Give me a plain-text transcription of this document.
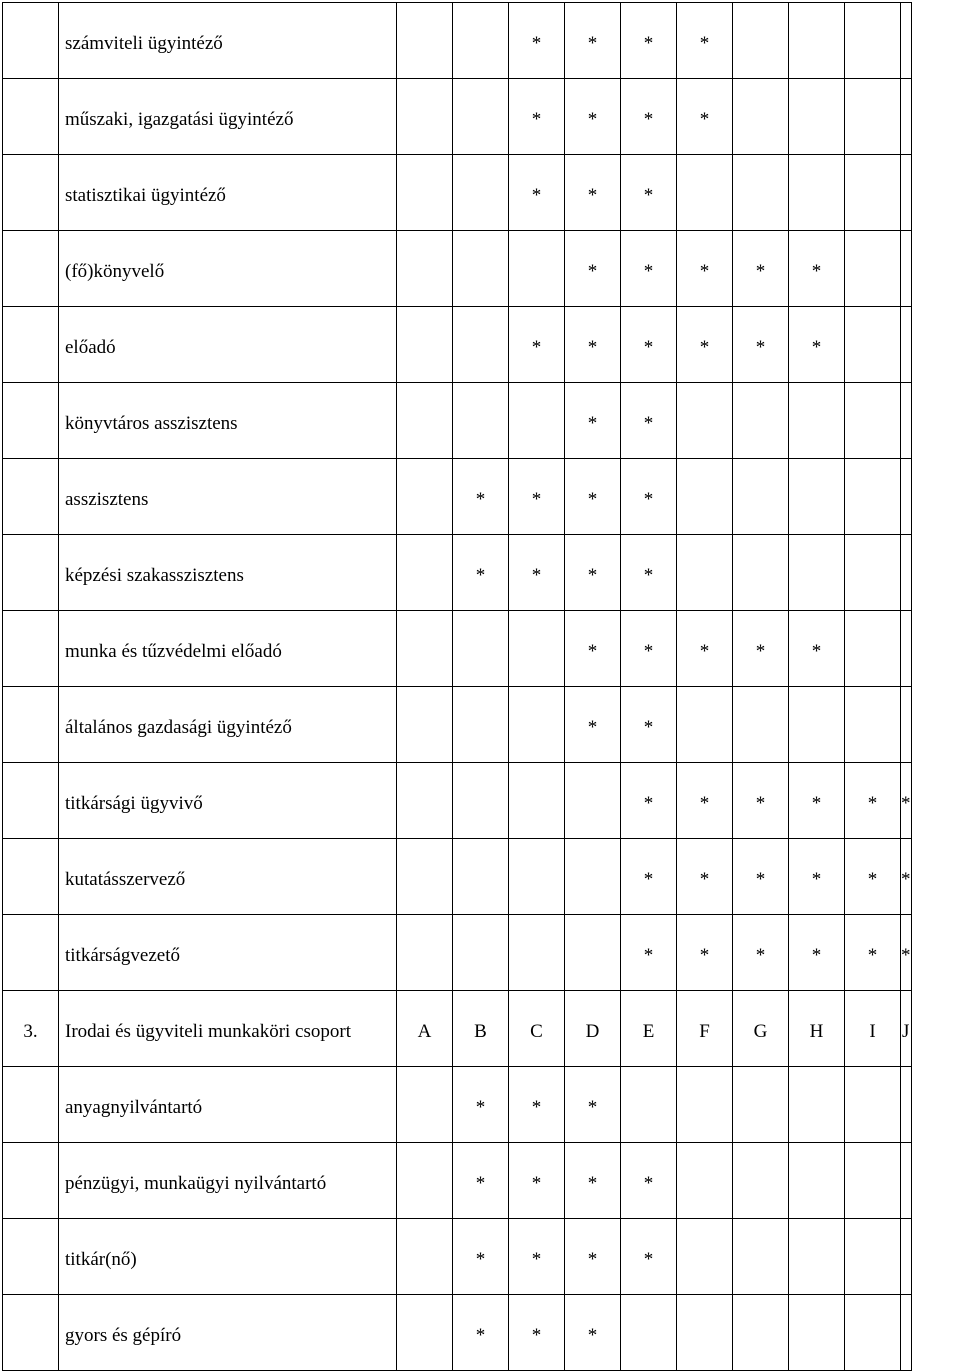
	számviteli ügyintéző			*	*	*	*				
	műszaki, igazgatási ügyintéző			*	*	*	*				
	statisztikai ügyintéző			*	*	*					
	(fő)könyvelő				*	*	*	*	*		
	előadó			*	*	*	*	*	*		
	könyvtáros asszisztens				*	*					
	asszisztens		*	*	*	*					
	képzési szakasszisztens		*	*	*	*					
	munka és tűzvédelmi előadó				*	*	*	*	*		
	általános gazdasági ügyintéző				*	*					
	titkársági ügyvivő					*	*	*	*	*	*
	kutatásszervező					*	*	*	*	*	*
	titkárságvezető					*	*	*	*	*	*
3.	Irodai és ügyviteli munkaköri csoport	A	B	C	D	E	F	G	H	I	J
	anyagnyilvántartó		*	*	*						
	pénzügyi, munkaügyi nyilvántartó		*	*	*	*					
	titkár(nő)		*	*	*	*					
	gyors és gépíró		*	*	*						
